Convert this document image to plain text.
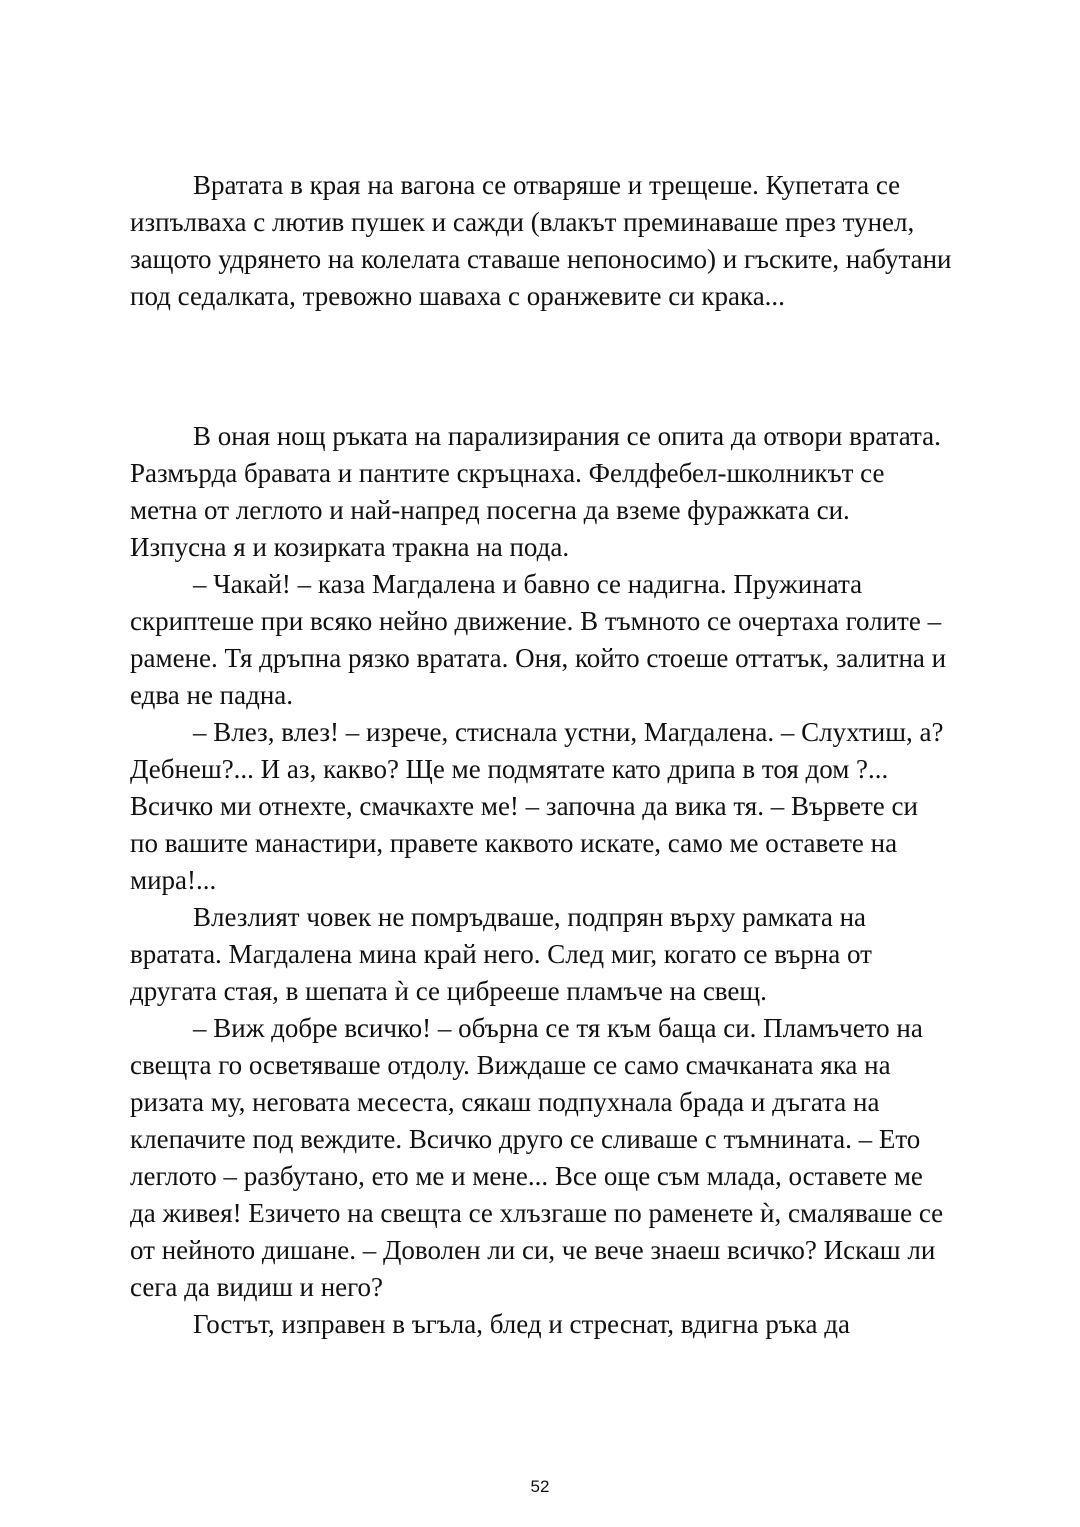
Вратата в края на вагона се отваряше и трещеше. Купетата се изпълваха с лютив пушек и сажди (влакът преминаваше през тунел, защото удрянето на колелата ставаше непоносимо) и гъските, набутани под седалката, тревожно шаваха с оранжевите си крака...

В оная нощ ръката на парализирания се опита да отвори вратата. Размърда бравата и пантите скръцнаха. Фелдфебел-школникът се метна от леглото и най-напред посегна да вземе фуражката си. Изпусна я и козирката тракна на пода.

– Чакай! – каза Магдалена и бавно се надигна. Пружината скриптеше при всяко нейно движение. В тъмното се очертаха голите – рамене. Тя дръпна рязко вратата. Оня, който стоеше оттатък, залитна и едва не падна.

– Влез, влез! – изрече, стиснала устни, Магдалена. – Слухтиш, а? Дебнеш?... И аз, какво? Ще ме подмятате като дрипа в тоя дом ?... Всичко ми отнехте, смачкахте ме! – започна да вика тя. – Вървете си по вашите манастири, правете каквото искате, само ме оставете на мира!...

Влезлият човек не помръдваше, подпрян върху рамката на вратата. Магдалена мина край него. След миг, когато се върна от другата стая, в шепата ѝ се цибрееше пламъче на свещ.

– Виж добре всичко! – обърна се тя към баща си. Пламъчето на свещта го осветяваше отдолу. Виждаше се само смачканата яка на ризата му, неговата месеста, сякаш подпухнала брада и дъгата на клепачите под веждите. Всичко друго се сливаше с тъмнината. – Ето леглото – разбутано, ето ме и мене... Все още съм млада, оставете ме да живея! Езичето на свещта се хлъзгаше по раменете ѝ, смаляваше се от нейното дишане. – Доволен ли си, че вече знаеш всичко? Искаш ли сега да видиш и него?

Гостът, изправен в ъгъла, блед и стреснат, вдигна ръка да

52
